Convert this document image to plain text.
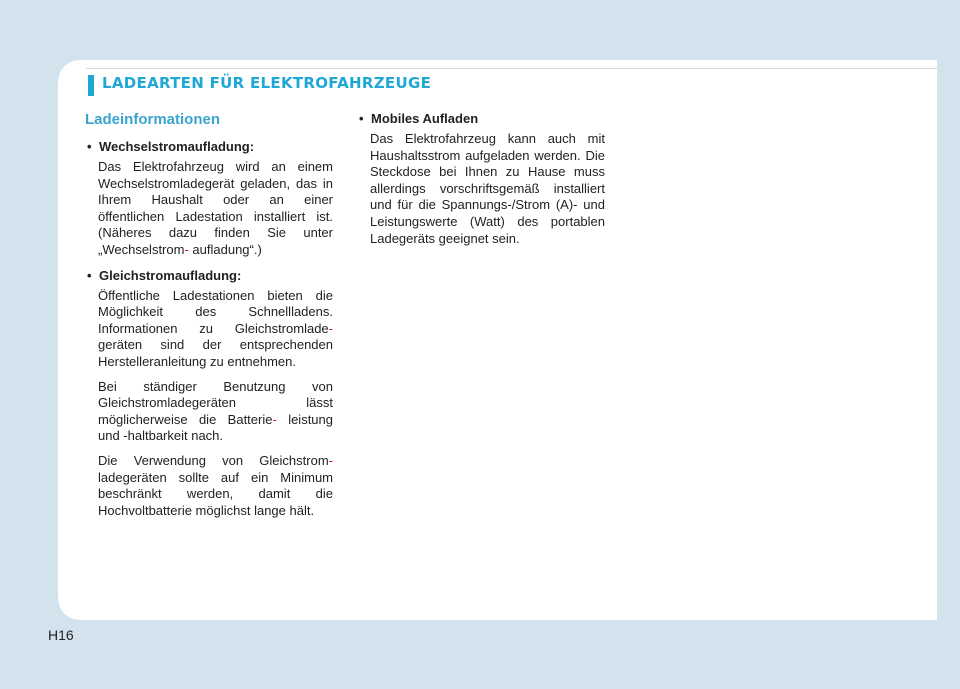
LADEARTEN FÜR ELEKTROFAHRZEUGE
Ladeinformationen
• Wechselstromaufladung:
Das Elektrofahrzeug wird an einem Wechselstromladegerät geladen, das in Ihrem Haushalt oder an einer öffentlichen Ladestation installiert ist. (Näheres dazu finden Sie unter „Wechselstrom- aufladung“.)
• Gleichstromaufladung:
Öffentliche Ladestationen bieten die Möglichkeit des Schnellladens. Informationen zu Gleichstromlade- geräten sind der entsprechenden Herstelleranleitung zu entnehmen.
Bei ständiger Benutzung von Gleichstromladegeräten lässt möglicherweise die Batterie- leistung und -haltbarkeit nach.
Die Verwendung von Gleichstrom- ladegeräten sollte auf ein Minimum beschränkt werden, damit die Hochvoltbatterie möglichst lange hält.
• Mobiles Aufladen
Das Elektrofahrzeug kann auch mit Haushaltsstrom aufgeladen werden. Die Steckdose bei Ihnen zu Hause muss allerdings vorschriftsgemäß installiert und für die Spannungs-/Strom (A)- und Leistungswerte (Watt) des portablen Ladegeräts geeignet sein.
H16
